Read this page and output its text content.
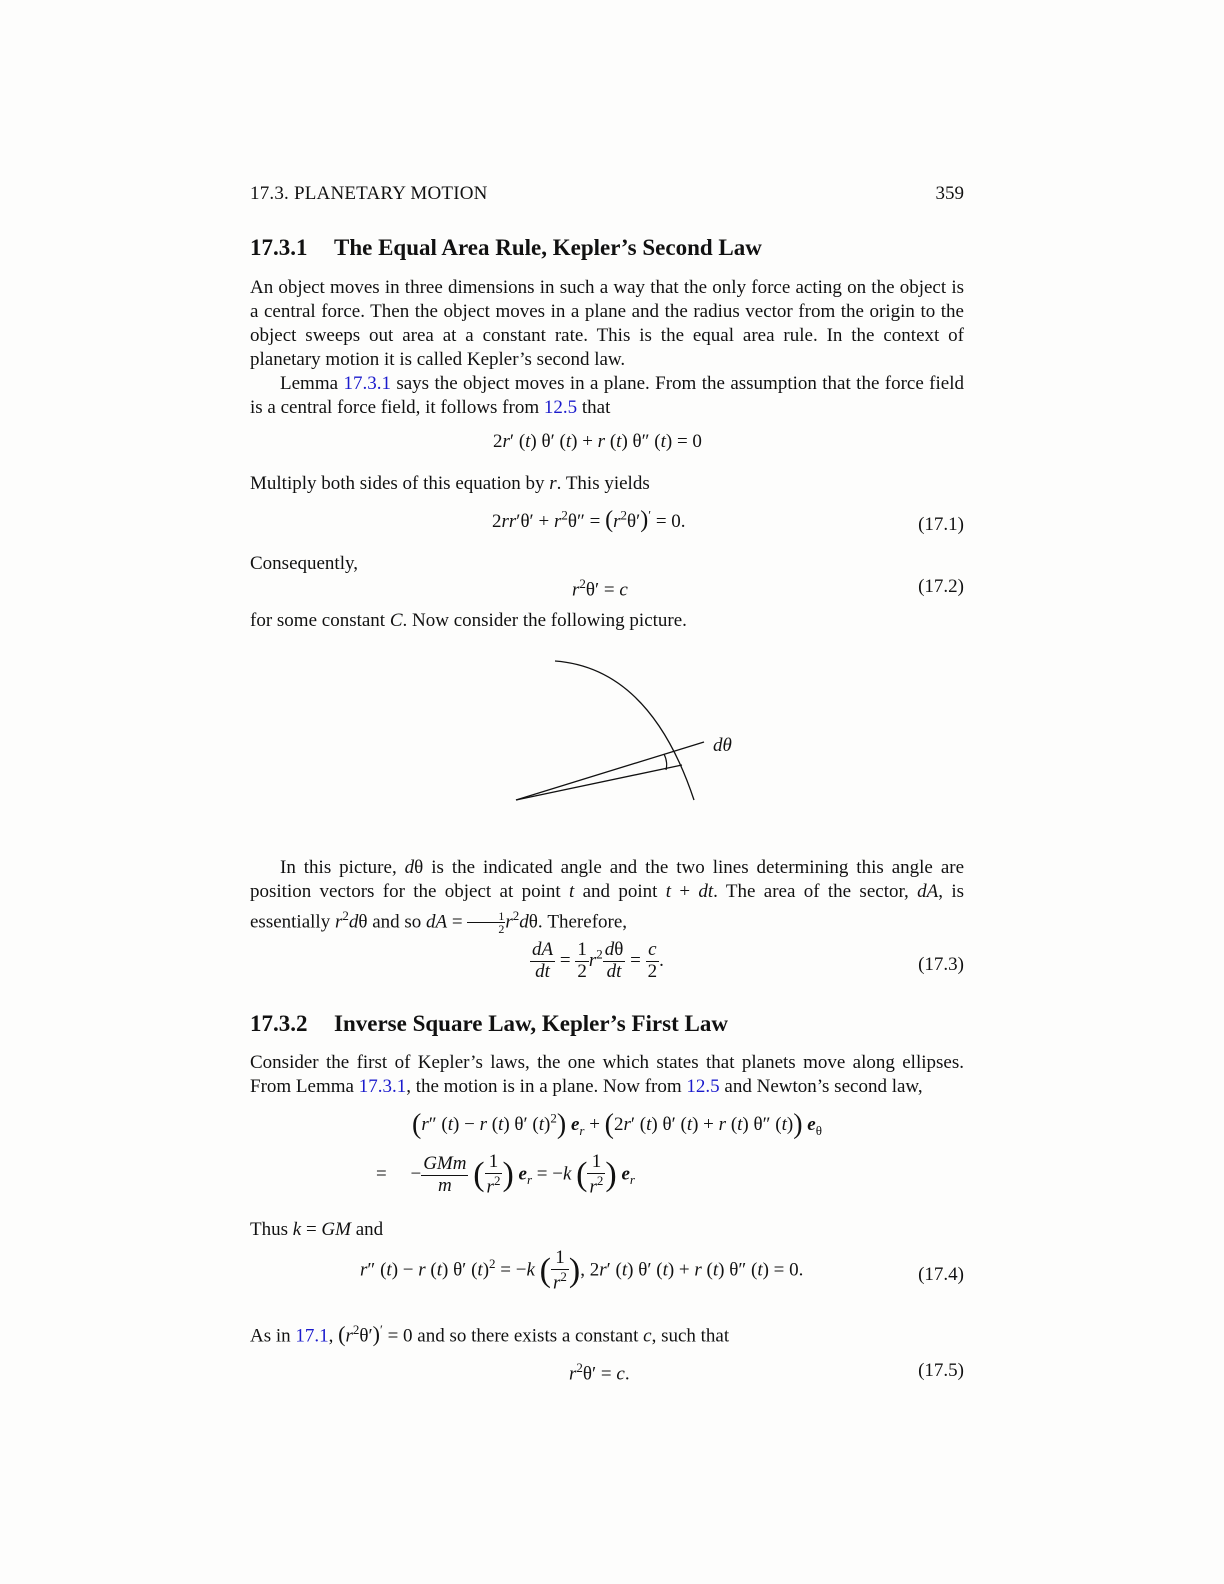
17.3. PLANETARY MOTION	359
17.3.1 The Equal Area Rule, Kepler’s Second Law

An object moves in three dimensions in such a way that the only force acting on the object is a central force. Then the object moves in a plane and the radius vector from the origin to the object sweeps out area at a constant rate. This is the equal area rule. In the context of planetary motion it is called Kepler’s second law.

Lemma 17.3.1 says the object moves in a plane. From the assumption that the force field is a central force field, it follows from 12.5 that

2r′ (t) θ′ (t) + r (t) θ″ (t) = 0

Multiply both sides of this equation by r. This yields

$2rr'\theta' + r^2\theta'' = (r^2\theta')' = 0$.	(17.1)

Consequently,

$r^2\theta' = c$	(17.2)

for some constant C. Now consider the following picture.

In this picture, dθ is the indicated angle and the two lines determining this angle are position vectors for the object at point t and point t + dt. The area of the sector, dA, is essentially $r^2d\theta$ and so dA = $\frac{1}{2} r^2d\theta$. Therefore,

$\frac{dA}{dt} = \frac{1}{2} r^2 \frac{d\theta}{dt} = \frac{c}{2}$ .	(17.3)
17.3.2 Inverse Square Law, Kepler’s First Law

Consider the first of Kepler’s laws, the one which states that planets move along ellipses. From Lemma 17.3.1, the motion is in a plane. Now from 12.5 and Newton’s second law,

(r″ (t) − r (t) θ′ $(t)^2$) $e_r + (2r'$ (t) θ′ (t) + r (t) θ″ (t)) $e_\theta$
=     − $\frac{\text{GMm}}{m}$ ( $\frac{1}{r^2}$ ) $e_r = -k$ ( $\frac{1}{r^2}$ ) $e_r$

Thus k = GM and

r″ (t) − r (t) θ′ $(t)^2 = -k$ ( $\frac{1}{r^2}$ ), 2r′ (t) θ′ (t) + r (t) θ″ (t) = 0.	(17.4)

As in 17.1, $(r^2\theta')' = 0$ and so there exists a constant c, such that

$r^2\theta' = c$.	(17.5)
dθ
